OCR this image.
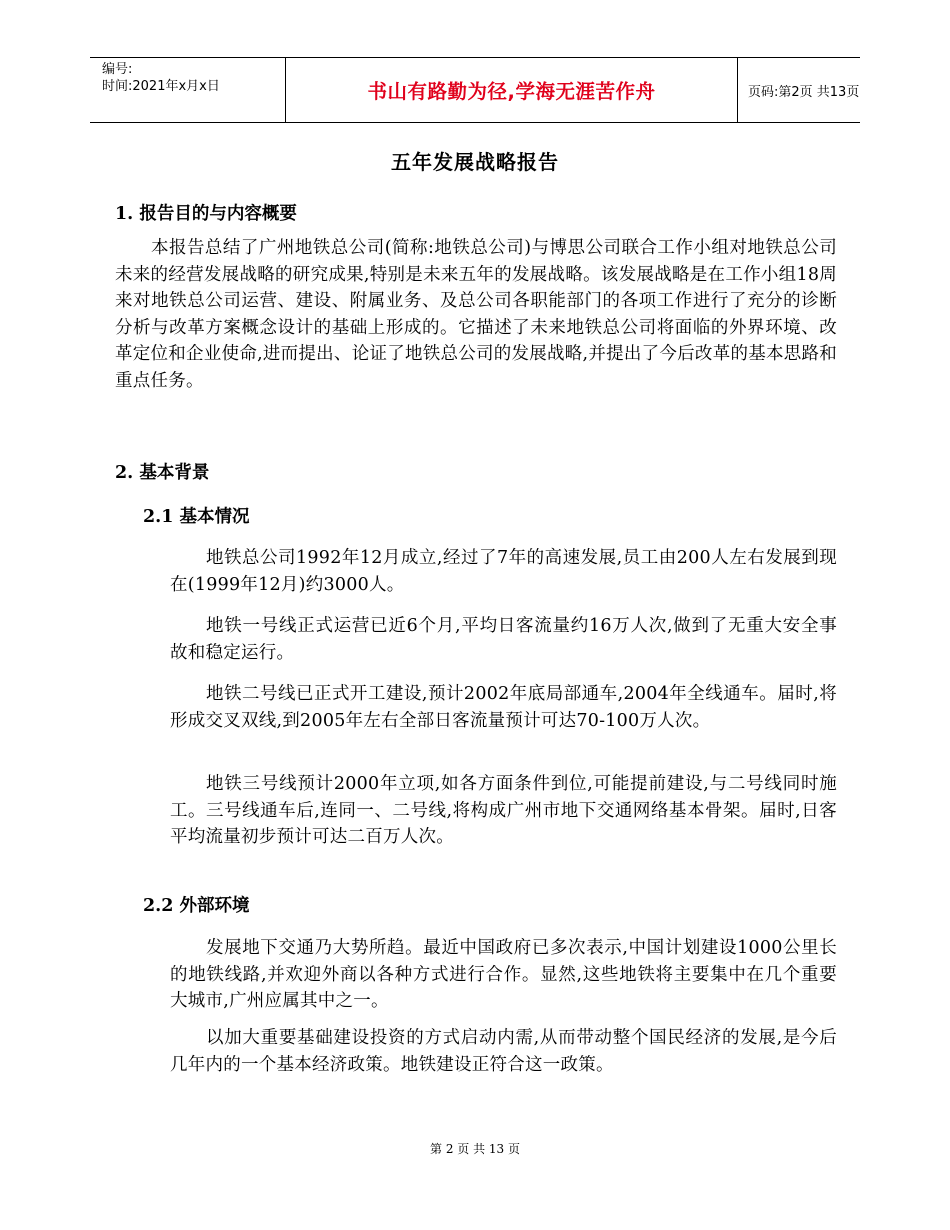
编号:
时间:2021年x月x日	书山有路勤为径,学海无涯苦作舟	页码:第2页 共13页
五年发展战略报告
1. 报告目的与内容概要

本报告总结了广州地铁总公司(简称:地铁总公司)与博思公司联合工作小组对地铁总公司未来的经营发展战略的研究成果,特别是未来五年的发展战略。该发展战略是在工作小组18周来对地铁总公司运营、建设、附属业务、及总公司各职能部门的各项工作进行了充分的诊断分析与改革方案概念设计的基础上形成的。它描述了未来地铁总公司将面临的外界环境、改革定位和企业使命,进而提出、论证了地铁总公司的发展战略,并提出了今后改革的基本思路和重点任务。

2. 基本背景
2.1 基本情况

地铁总公司1992年12月成立,经过了7年的高速发展,员工由200人左右发展到现在(1999年12月)约3000人。

地铁一号线正式运营已近6个月,平均日客流量约16万人次,做到了无重大安全事故和稳定运行。

地铁二号线已正式开工建设,预计2002年底局部通车,2004年全线通车。届时,将形成交叉双线,到2005年左右全部日客流量预计可达70-100万人次。

地铁三号线预计2000年立项,如各方面条件到位,可能提前建设,与二号线同时施工。三号线通车后,连同一、二号线,将构成广州市地下交通网络基本骨架。届时,日客平均流量初步预计可达二百万人次。

2.2 外部环境

发展地下交通乃大势所趋。最近中国政府已多次表示,中国计划建设1000公里长的地铁线路,并欢迎外商以各种方式进行合作。显然,这些地铁将主要集中在几个重要大城市,广州应属其中之一。

以加大重要基础建设投资的方式启动内需,从而带动整个国民经济的发展,是今后几年内的一个基本经济政策。地铁建设正符合这一政策。

第 2 页 共 13 页
